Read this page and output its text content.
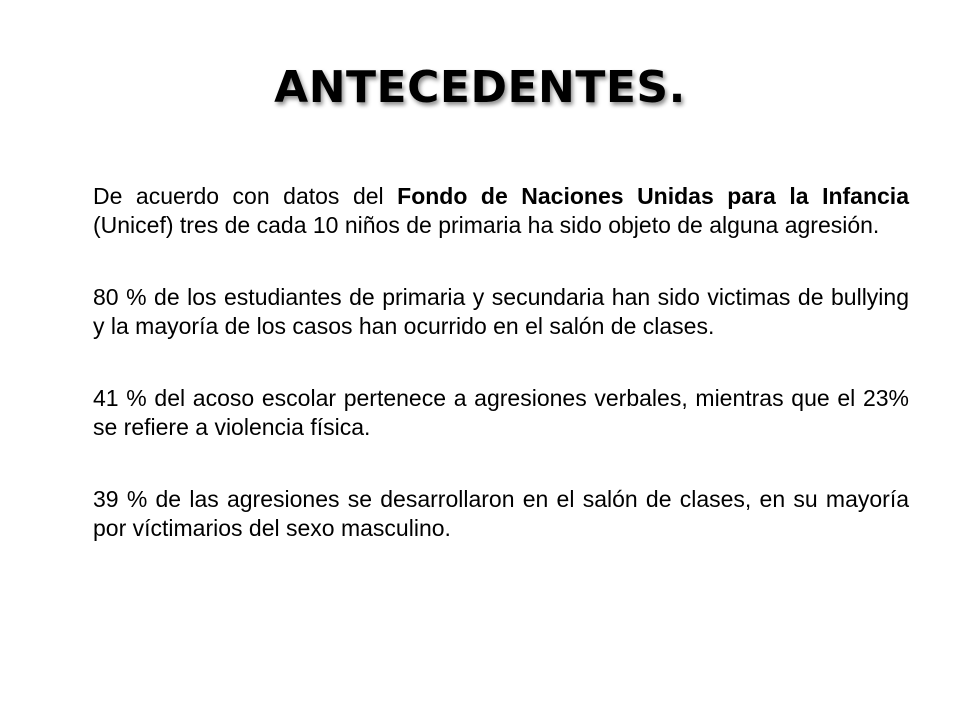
ANTECEDENTES.

De acuerdo con datos del Fondo de Naciones Unidas para la Infancia (Unicef) tres de cada 10 niños de primaria ha sido objeto de alguna agresión.

80 % de los estudiantes de primaria y secundaria han sido victimas de bullying y la mayoría de los casos han ocurrido en el salón de clases.

41 % del acoso escolar pertenece a agresiones verbales, mientras que el 23% se refiere a violencia física.

39 % de las agresiones se desarrollaron en el salón de clases, en su mayoría por víctimarios del sexo masculino.
